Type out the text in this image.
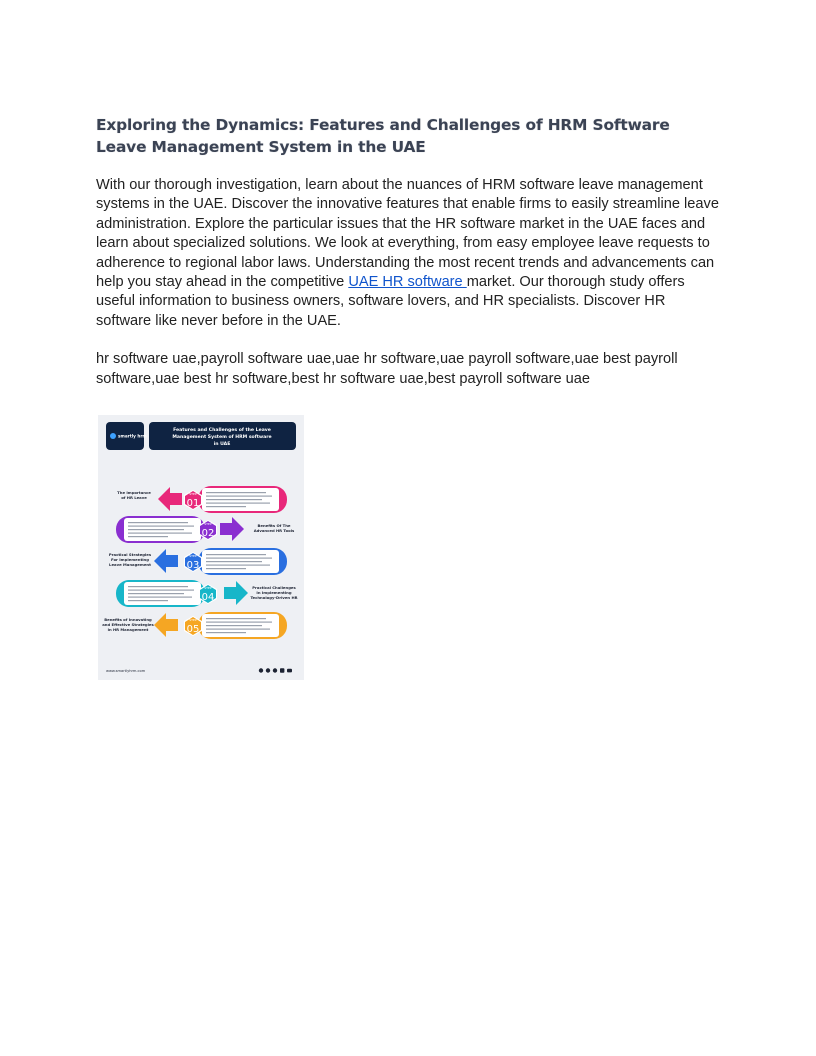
Exploring the Dynamics: Features and Challenges of HRM Software Leave Management System in the UAE

With our thorough investigation, learn about the nuances of HRM software leave management systems in the UAE. Discover the innovative features that enable firms to easily streamline leave administration. Explore the particular issues that the HR software market in the UAE faces and learn about specialized solutions. We look at everything, from easy employee leave requests to adherence to regional labor laws. Understanding the most recent trends and advancements can help you stay ahead in the competitive UAE HR software market. Our thorough study offers useful information to business owners, software lovers, and HR specialists. Discover HR software like never before in the UAE.

hr software uae,payroll software uae,uae hr software,uae payroll software,uae best payroll software,uae best hr software,best hr software uae,best payroll software uae

smartly hrm
Features and Challenges of the Leave
Management System of HRM software
in UAE
STEP
01
The Importance
of HR Leave
STEP
02
Benefits Of The
Advanced HR Tools
STEP
03
Practical Strategies
For Implementing
Leave Management
STEP
04
Practical Challenges
In Implementing
Technology-Driven HR
STEP
05
Benefits of Innovating
and Effective Strategies
in HR Management
www.smartlyhrm.com
